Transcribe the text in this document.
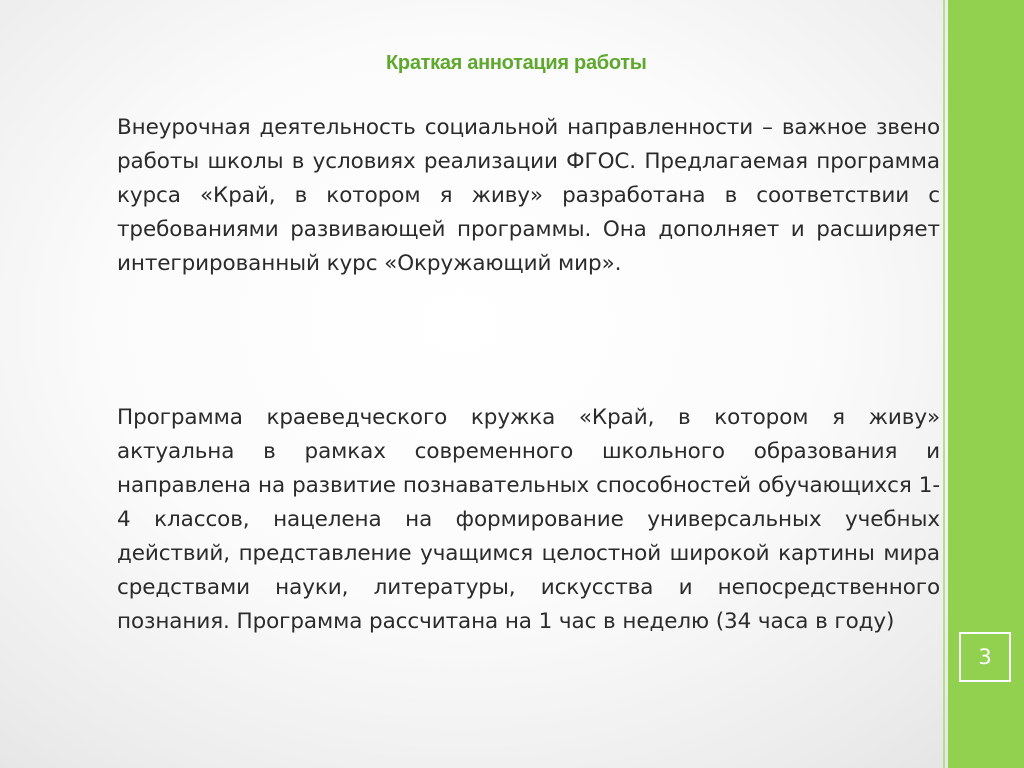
Краткая аннотация работы

Внеурочная деятельность социальной направленности – важное звено работы школы в условиях реализации ФГОС. Предлагаемая программа курса «Край, в котором я живу» разработана в соответствии с требованиями развивающей программы. Она дополняет и расширяет интегрированный курс «Окружающий мир».

Программа краеведческого кружка «Край, в котором я живу» актуальна в рамках современного школьного образования и направлена на развитие познавательных способностей обучающихся 1-4 классов, нацелена на формирование универсальных учебных действий, представление учащимся целостной широкой картины мира средствами науки, литературы, искусства и непосредственного познания. Программа рассчитана на 1 час в неделю (34 часа в году)

3
